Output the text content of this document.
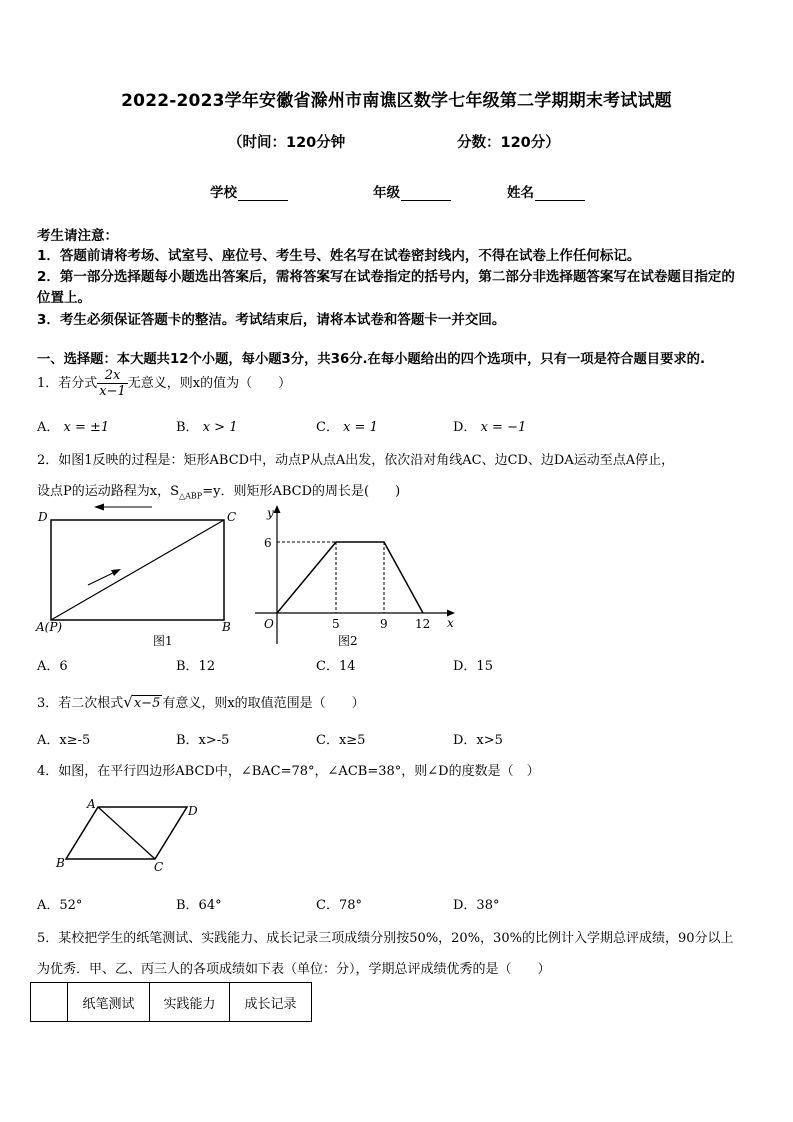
2022-2023学年安徽省滁州市南谯区数学七年级第二学期期末考试试题
（时间：120分钟	分数：120分）
学校	年级	姓名
考生请注意：
1．答题前请将考场、试室号、座位号、考生号、姓名写在试卷密封线内，不得在试卷上作任何标记。
2．第一部分选择题每小题选出答案后，需将答案写在试卷指定的括号内，第二部分非选择题答案写在试卷题目指定的
位置上。
3．考生必须保证答题卡的整洁。考试结束后，请将本试卷和答题卡一并交回。
一、选择题：本大题共12个小题，每小题3分，共36分.在每小题给出的四个选项中，只有一项是符合题目要求的.
1．若分式 $\frac{2x}{x-1}$ 无意义，则x的值为（　　）
A． x = ±1	B． x > 1	C． x = 1	D． x = −1
2．如图1反映的过程是：矩形ABCD中，动点P从点A出发，依次沿对角线AC、边CD、边DA运动至点A停止，
设点P的运动路程为x，$S_{\triangle ABP}=y$．则矩形ABCD的周长是(　　)
D	C
A(P)	B
图1
y
x
O
6
5	9 12
图2
A．6	B．12	C．14	D．15
3．若二次根式√x−5 有意义，则x的取值范围是（　　）
A．x≥-5	B．x>-5	C．x≥5	D．x>5
4．如图，在平行四边形ABCD中，∠BAC=78°，∠ACB=38°，则∠D的度数是（　）
A	D
B	C
A．52°	B．64°	C．78°	D．38°
5．某校把学生的纸笔测试、实践能力、成长记录三项成绩分别按50%，20%，30%的比例计入学期总评成绩，90分以上
为优秀．甲、乙、丙三人的各项成绩如下表（单位：分），学期总评成绩优秀的是（　　）
	纸笔测试	实践能力	成长记录
